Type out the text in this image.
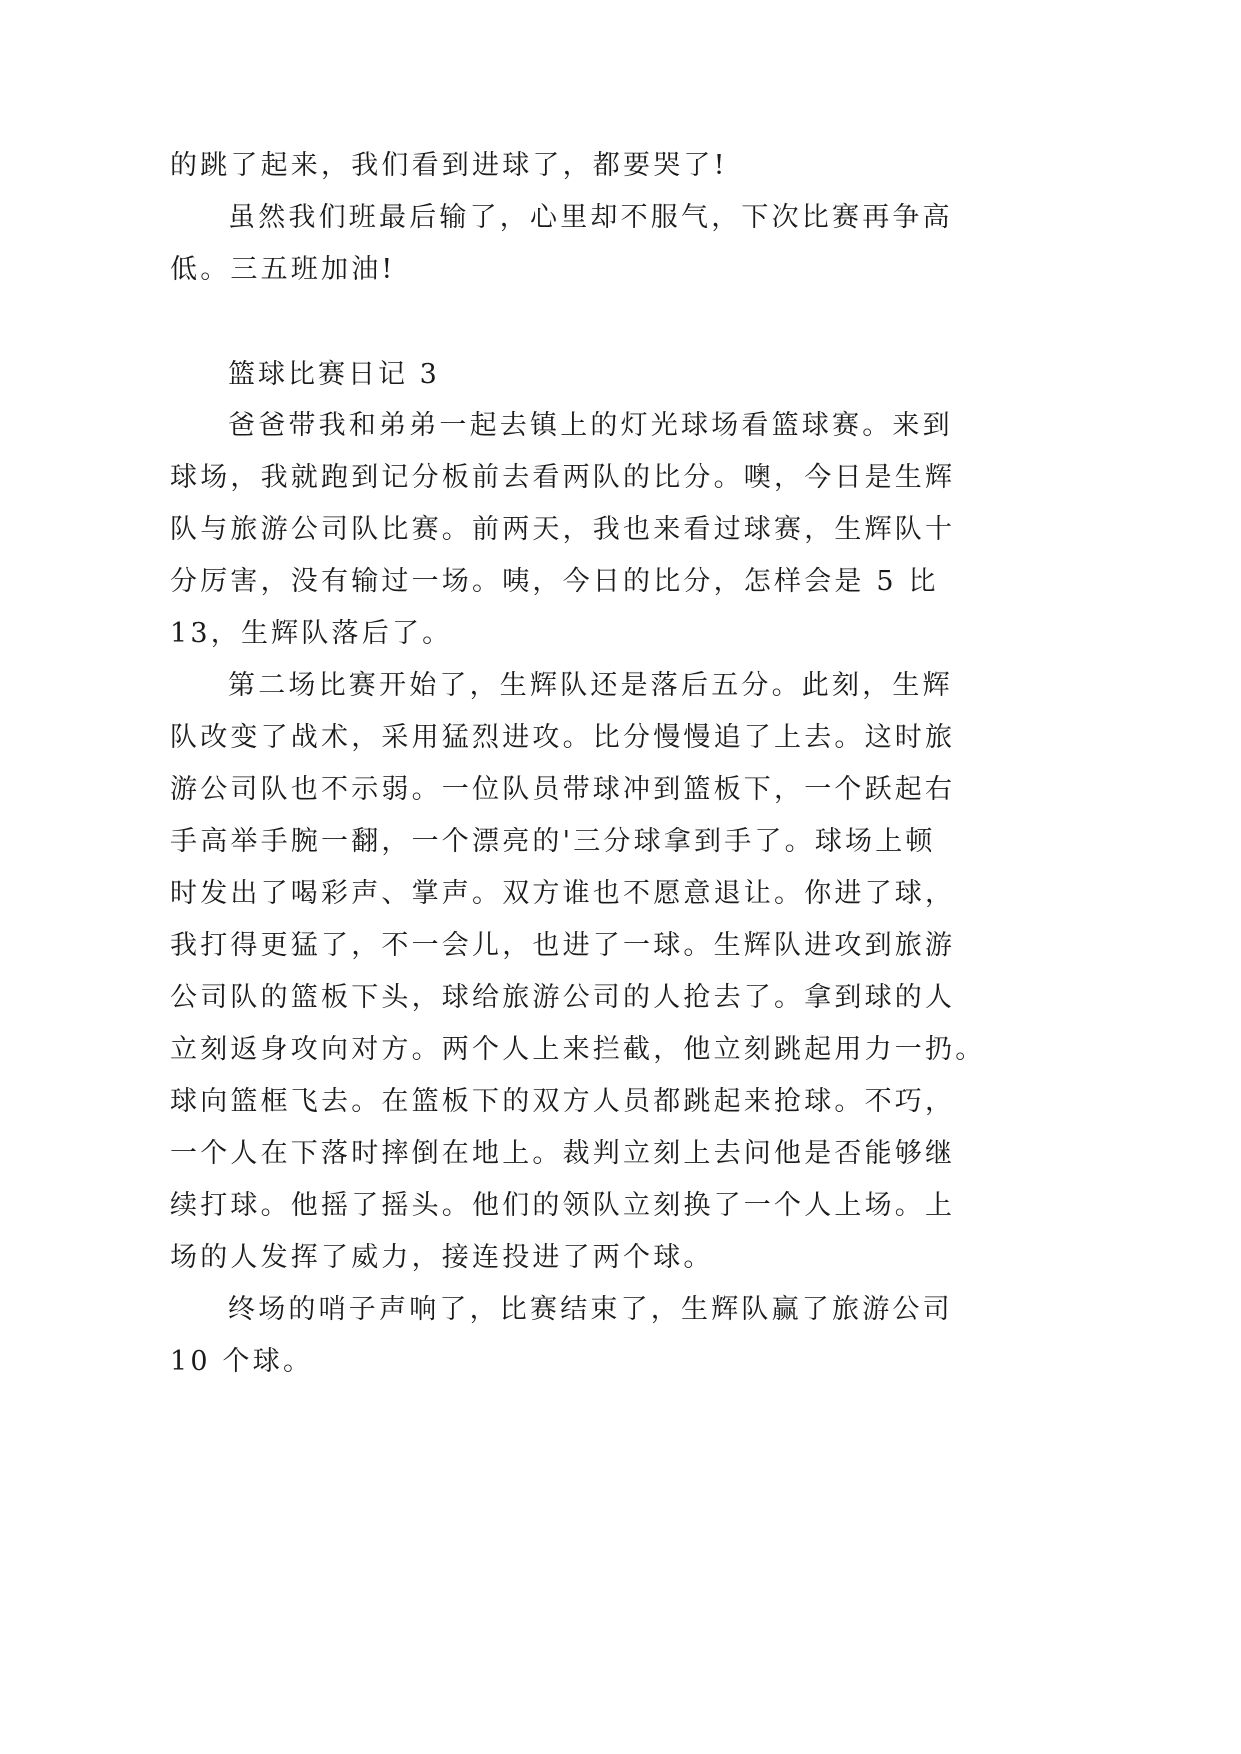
的跳了起来，我们看到进球了，都要哭了!
虽然我们班最后输了，心里却不服气，下次比赛再争高
低。三五班加油!
篮球比赛日记 3
爸爸带我和弟弟一起去镇上的灯光球场看篮球赛。来到
球场，我就跑到记分板前去看两队的比分。噢，今日是生辉
队与旅游公司队比赛。前两天，我也来看过球赛，生辉队十
分厉害，没有输过一场。咦，今日的比分，怎样会是 5 比
13，生辉队落后了。
第二场比赛开始了，生辉队还是落后五分。此刻，生辉
队改变了战术，采用猛烈进攻。比分慢慢追了上去。这时旅
游公司队也不示弱。一位队员带球冲到篮板下，一个跃起右
手高举手腕一翻，一个漂亮的'三分球拿到手了。球场上顿
时发出了喝彩声、掌声。双方谁也不愿意退让。你进了球，
我打得更猛了，不一会儿，也进了一球。生辉队进攻到旅游
公司队的篮板下头，球给旅游公司的人抢去了。拿到球的人
立刻返身攻向对方。两个人上来拦截，他立刻跳起用力一扔。
球向篮框飞去。在篮板下的双方人员都跳起来抢球。不巧，
一个人在下落时摔倒在地上。裁判立刻上去问他是否能够继
续打球。他摇了摇头。他们的领队立刻换了一个人上场。上
场的人发挥了威力，接连投进了两个球。
终场的哨子声响了，比赛结束了，生辉队赢了旅游公司
10 个球。
